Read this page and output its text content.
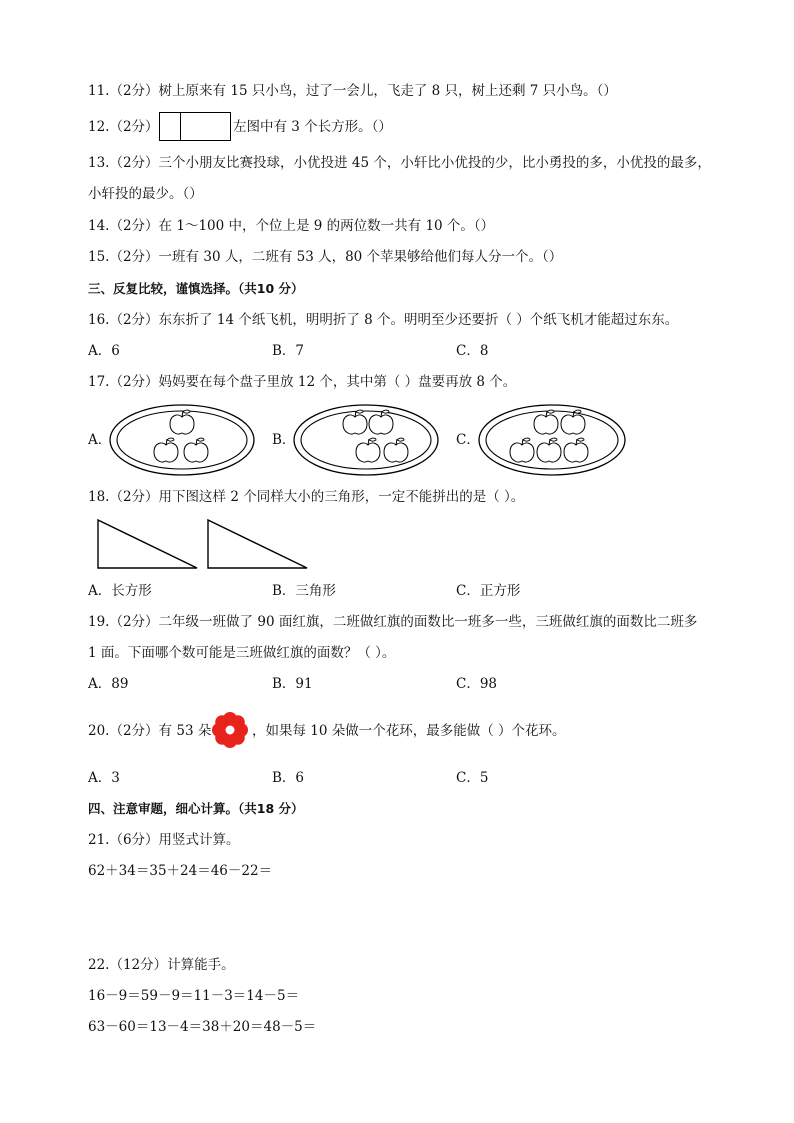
11.（2分）树上原来有 15 只小鸟，过了一会儿，飞走了 8 只，树上还剩 7 只小鸟。（）
12.（2分）	左图中有 3 个长方形。（）
13.（2分）三个小朋友比赛投球，小优投进 45 个，小轩比小优投的少，比小勇投的多，小优投的最多，
小轩投的最少。（）
14.（2分）在 1～100 中，个位上是 9 的两位数一共有 10 个。（）
15.（2分）一班有 30 人，二班有 53 人，80 个苹果够给他们每人分一个。（）
三、反复比较，谨慎选择。（共10 分）
16.（2分）东东折了 14 个纸飞机，明明折了 8 个。明明至少还要折（ ）个纸飞机才能超过东东。
A．6	B．7	C．8
17.（2分）妈妈要在每个盘子里放 12 个，其中第（ ）盘要再放 8 个。
A．	B．	C．
18.（2分）用下图这样 2 个同样大小的三角形，一定不能拼出的是（ ）。
A．长方形	B．三角形	C．正方形
19.（2分）二年级一班做了 90 面红旗，二班做红旗的面数比一班多一些，三班做红旗的面数比二班多
1 面。下面哪个数可能是三班做红旗的面数？（ ）。
A．89	B．91	C．98
20.（2分）有 53 朵	，如果每 10 朵做一个花环，最多能做（ ）个花环。
A．3	B．6	C．5
四、注意审题，细心计算。（共18 分）
21.（6分）用竖式计算。
62＋34＝35＋24＝46－22＝
22.（12分）计算能手。
16－9＝59－9＝11－3＝14－5＝
63－60＝13－4＝38＋20＝48－5＝
